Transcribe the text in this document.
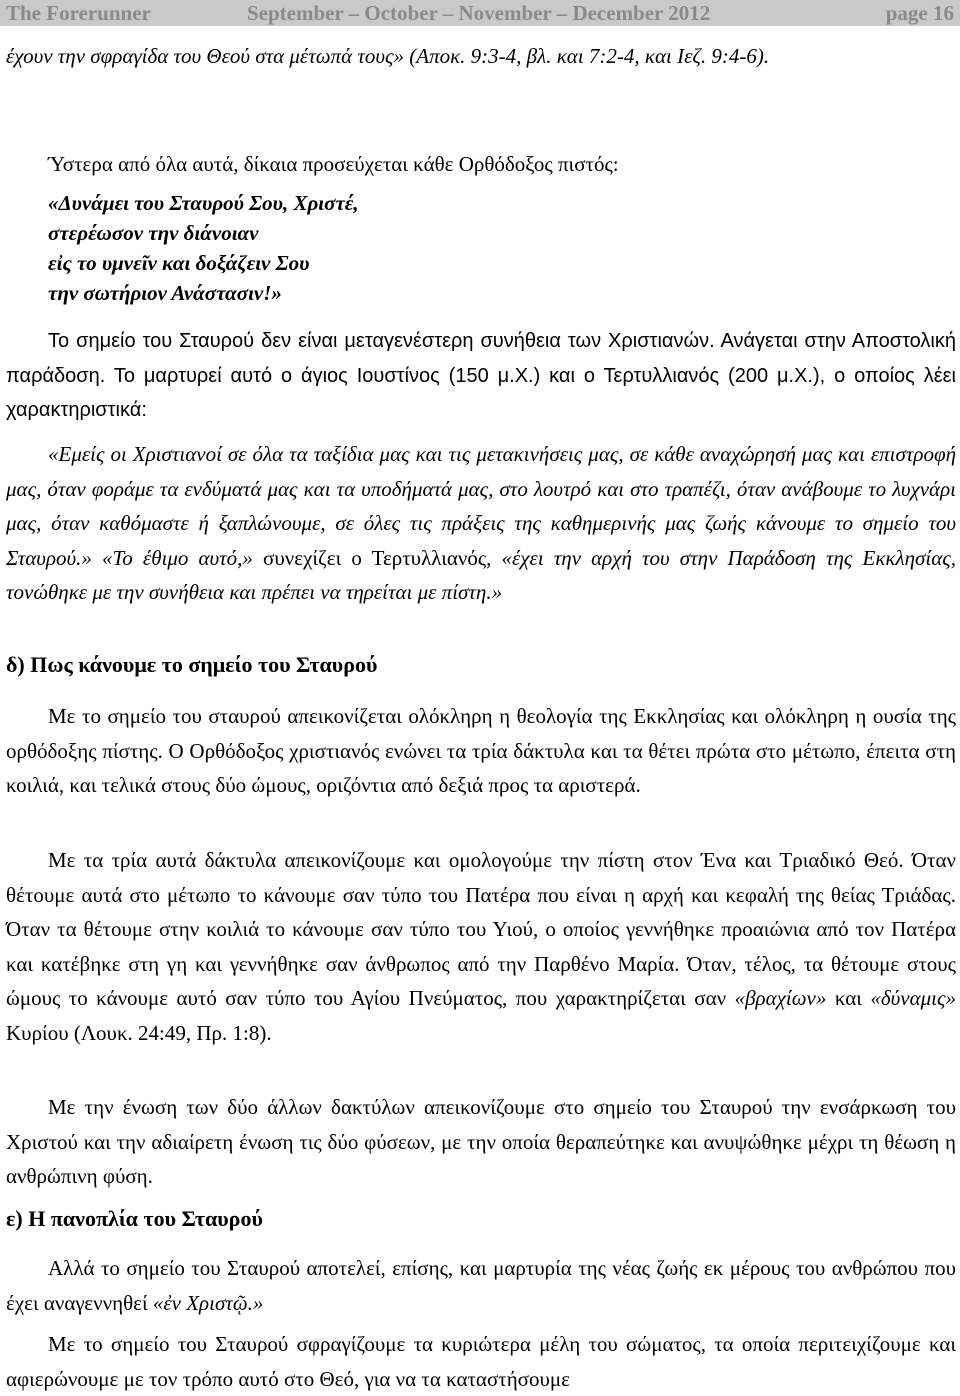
The Forerunner	September – October – November – December 2012	page 16

έχουν την σφραγίδα του Θεού στα μέτωπά τους» (Αποκ. 9:3-4, βλ. και 7:2-4, και Ιεζ. 9:4-6).

Ύστερα από όλα αυτά, δίκαια προσεύχεται κάθε Ορθόδοξος πιστός:

«Δυνάμει του Σταυρού Σου, Χριστέ,
στερέωσον την διάνοιαν
εἰς το υμνεῖν και δοξάζειν Σου
την σωτήριον Ανάστασιν!»

Το σημείο του Σταυρού δεν είναι μεταγενέστερη συνήθεια των Χριστιανών. Ανάγεται στην Αποστολική παράδοση. Το μαρτυρεί αυτό ο άγιος Ιουστίνος (150 μ.Χ.) και ο Τερτυλλιανός (200 μ.Χ.), ο οποίος λέει χαρακτηριστικά:

«Εμείς οι Χριστιανοί σε όλα τα ταξίδια μας και τις μετακινήσεις μας, σε κάθε αναχώρησή μας και επιστροφή μας, όταν φοράμε τα ενδύματά μας και τα υποδήματά μας, στο λουτρό και στο τραπέζι, όταν ανάβουμε το λυχνάρι μας, όταν καθόμαστε ή ξαπλώνουμε, σε όλες τις πράξεις της καθημερινής μας ζωής κάνουμε το σημείο του Σταυρού.» «Το έθιμο αυτό,» συνεχίζει ο Τερτυλλιανός, «έχει την αρχή του στην Παράδοση της Εκκλησίας, τονώθηκε με την συνήθεια και πρέπει να τηρείται με πίστη.»

δ) Πως κάνουμε το σημείο του Σταυρού

Με το σημείο του σταυρού απεικονίζεται ολόκληρη η θεολογία της Εκκλησίας και ολόκληρη η ουσία της ορθόδοξης πίστης. Ο Ορθόδοξος χριστιανός ενώνει τα τρία δάκτυλα και τα θέτει πρώτα στο μέτωπο, έπειτα στη κοιλιά, και τελικά στους δύο ώμους, οριζόντια από δεξιά προς τα αριστερά.

Με τα τρία αυτά δάκτυλα απεικονίζουμε και ομολογούμε την πίστη στον Ένα και Τριαδικό Θεό. Όταν θέτουμε αυτά στο μέτωπο το κάνουμε σαν τύπο του Πατέρα που είναι η αρχή και κεφαλή της θείας Τριάδας. Όταν τα θέτουμε στην κοιλιά το κάνουμε σαν τύπο του Υιού, ο οποίος γεννήθηκε προαιώνια από τον Πατέρα και κατέβηκε στη γη και γεννήθηκε σαν άνθρωπος από την Παρθένο Μαρία. Όταν, τέλος, τα θέτουμε στους ώμους το κάνουμε αυτό σαν τύπο του Αγίου Πνεύματος, που χαρακτηρίζεται σαν «βραχίων» και «δύναμις» Κυρίου (Λουκ. 24:49, Πρ. 1:8).

Με την ένωση των δύο άλλων δακτύλων απεικονίζουμε στο σημείο του Σταυρού την ενσάρκωση του Χριστού και την αδιαίρετη ένωση τις δύο φύσεων, με την οποία θεραπεύτηκε και ανυψώθηκε μέχρι τη θέωση η ανθρώπινη φύση.

ε) Η πανοπλία του Σταυρού

Αλλά το σημείο του Σταυρού αποτελεί, επίσης, και μαρτυρία της νέας ζωής εκ μέρους του ανθρώπου που έχει αναγεννηθεί «ἐν Χριστῷ.»

Με το σημείο του Σταυρού σφραγίζουμε τα κυριώτερα μέλη του σώματος, τα οποία περιτειχίζουμε και αφιερώνουμε με τον τρόπο αυτό στο Θεό, για να τα καταστήσουμε
